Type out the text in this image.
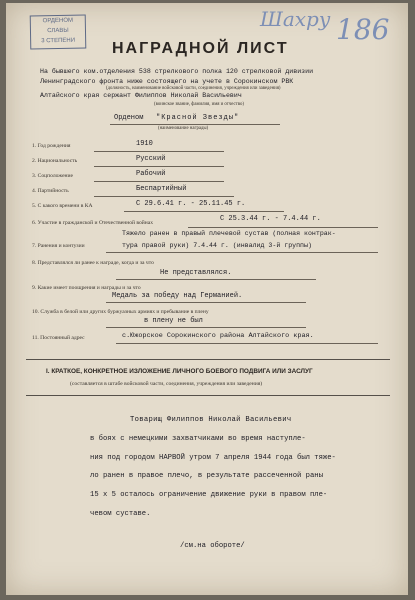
ОРДЕНОМ
СЛАВЫ
3 СТЕПЕНИ
Шахру 186
НАГРАДНОЙ ЛИСТ
На бывшего ком.отделения 538 стрелкового полка 120 стрелковой дивизии
Ленинградского фронта ниже состоящего на учете в Сорокинском РВК
(должность, наименование войсковой части, соединения, учреждения или заведения)
Алтайского края сержант Филиппов Николай Васильевич
(воинское звание, фамилия, имя и отчество)
Орденом "Красной Звезды"
(наименование награды)
1. Год рождения	1910
2. Национальность	Русский
3. Соцположение	Рабочий
4. Партийность	Беспартийный
5. С какого времени в КА	С 29.6.41 г. - 25.11.45 г.
6. Участие в гражданской и Отечественной войнах	С 25.3.44 г. - 7.4.44 г.
Тяжело ранен в правый плечевой сустав (полная контрак-
7. Ранения и контузии	тура правой руки) 7.4.44 г. (инвалид 3-й группы)
8. Представлялся ли ранее к награде, когда и за что
Не представлялся.
9. Какие имеет поощрения и награды и за что
Медаль за победу над Германией.
10. Служба в белой или других буржуазных армиях и пребывание в плену
в плену не был
11. Постоянный адрес	с.Южорское Сорокинского района Алтайского края.
I. КРАТКОЕ, КОНКРЕТНОЕ ИЗЛОЖЕНИЕ ЛИЧНОГО БОЕВОГО ПОДВИГА ИЛИ ЗАСЛУГ
(составляется в штабе войсковой части, соединения, учреждения или заведения)
Товарищ Филиппов Николай Васильевич
в боях с немецкими захватчиками во время наступле-
ния под городом НАРВОЙ утром 7 апреля 1944 года был тяже-
ло ранен в правое плечо, в результате рассеченной раны
15 х 5 осталось ограничение движение руки в правом пле-
чевом суставе.
/см.на обороте/
